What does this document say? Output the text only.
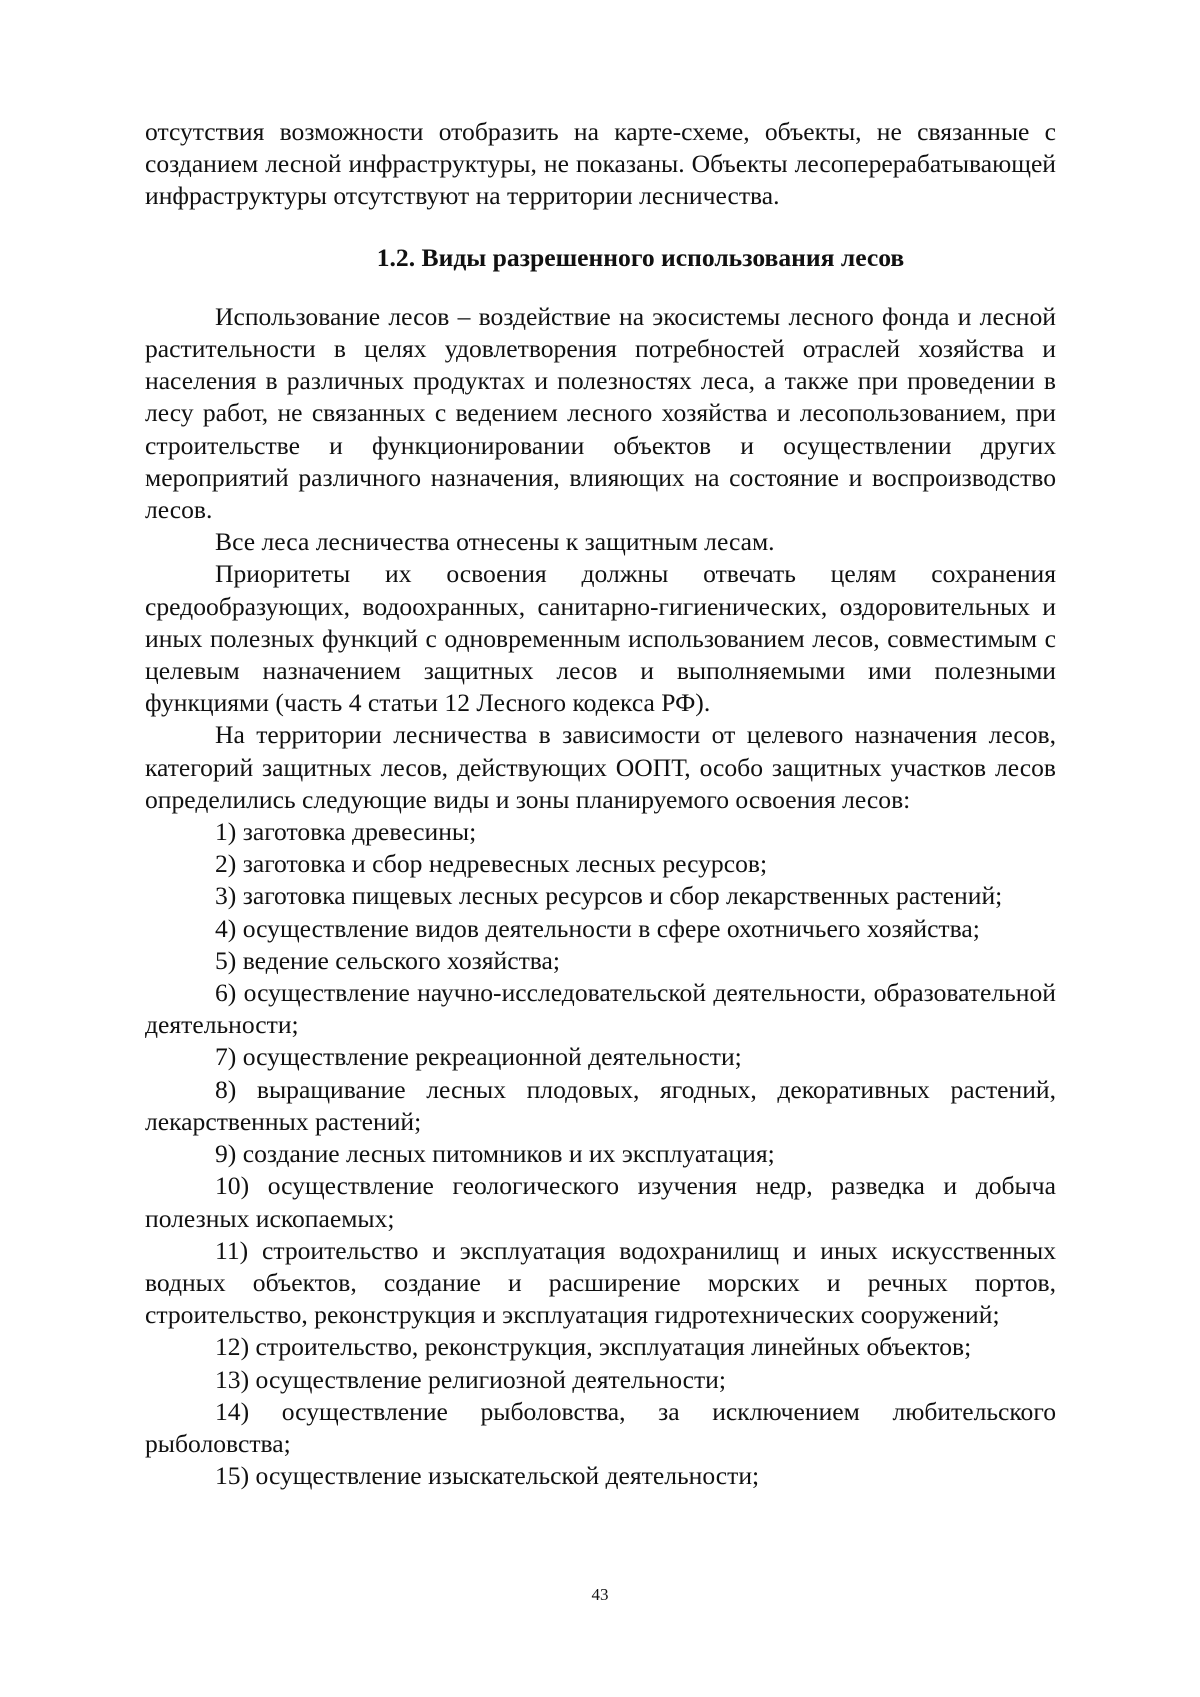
отсутствия возможности отобразить на карте-схеме, объекты, не связанные с созданием лесной инфраструктуры, не показаны. Объекты лесоперерабатывающей инфраструктуры отсутствуют на территории лесничества.

1.2. Виды разрешенного использования лесов

Использование лесов – воздействие на экосистемы лесного фонда и лесной растительности в целях удовлетворения потребностей отраслей хозяйства и населения в различных продуктах и полезностях леса, а также при проведении в лесу работ, не связанных с ведением лесного хозяйства и лесопользованием, при строительстве и функционировании объектов и осуществлении других мероприятий различного назначения, влияющих на состояние и воспроизводство лесов.

Все леса лесничества отнесены к защитным лесам.

Приоритеты их освоения должны отвечать целям сохранения средообразующих, водоохранных, санитарно-гигиенических, оздоровительных и иных полезных функций с одновременным использованием лесов, совместимым с целевым назначением защитных лесов и выполняемыми ими полезными функциями (часть 4 статьи 12 Лесного кодекса РФ).

На территории лесничества в зависимости от целевого назначения лесов, категорий защитных лесов, действующих ООПТ, особо защитных участков лесов определились следующие виды и зоны планируемого освоения лесов:

1) заготовка древесины;

2) заготовка и сбор недревесных лесных ресурсов;

3) заготовка пищевых лесных ресурсов и сбор лекарственных растений;

4) осуществление видов деятельности в сфере охотничьего хозяйства;

5) ведение сельского хозяйства;

6) осуществление научно-исследовательской деятельности, образовательной деятельности;

7) осуществление рекреационной деятельности;

8) выращивание лесных плодовых, ягодных, декоративных растений, лекарственных растений;

9) создание лесных питомников и их эксплуатация;

10) осуществление геологического изучения недр, разведка и добыча полезных ископаемых;

11) строительство и эксплуатация водохранилищ и иных искусственных водных объектов, создание и расширение морских и речных портов, строительство, реконструкция и эксплуатация гидротехнических сооружений;

12) строительство, реконструкция, эксплуатация линейных объектов;

13) осуществление религиозной деятельности;

14) осуществление рыболовства, за исключением любительского рыболовства;

15) осуществление изыскательской деятельности;

43
